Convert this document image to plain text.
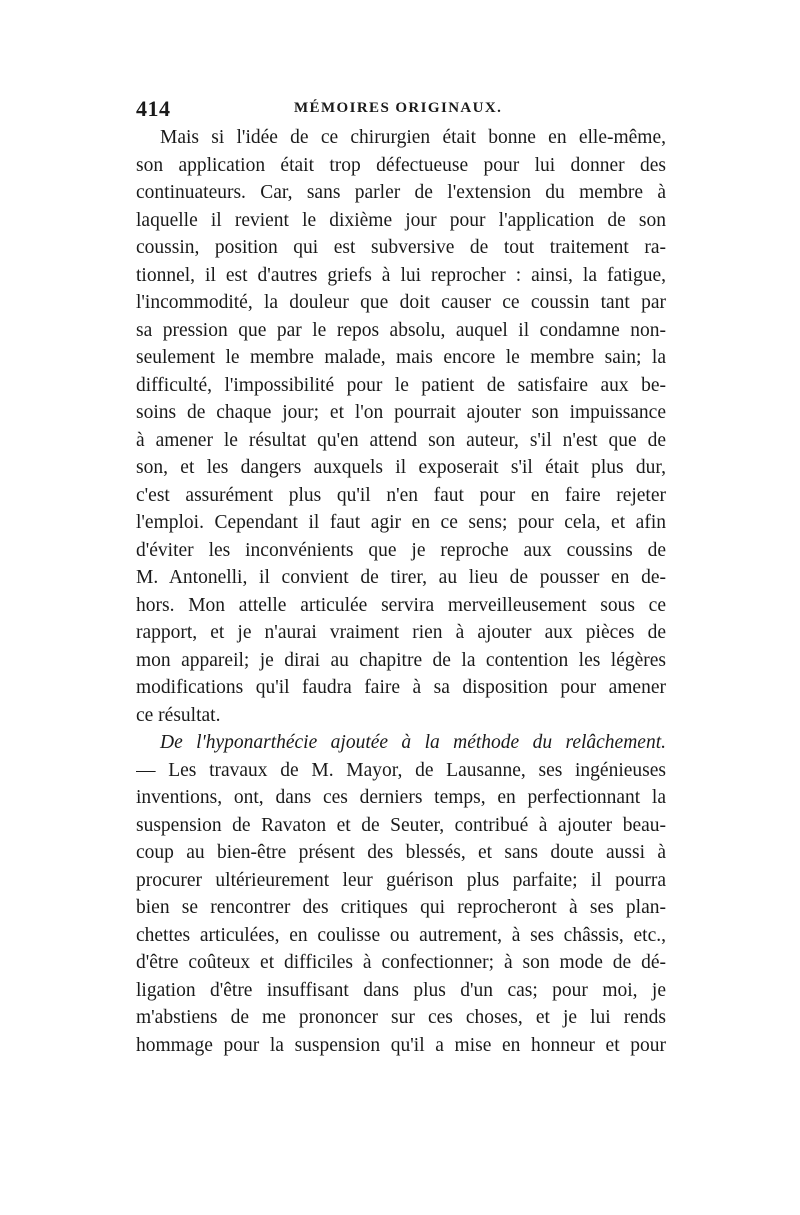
414	MÉMOIRES ORIGINAUX.
Mais si l'idée de ce chirurgien était bonne en elle-même,
son application était trop défectueuse pour lui donner des
continuateurs. Car, sans parler de l'extension du membre à
laquelle il revient le dixième jour pour l'application de son
coussin, position qui est subversive de tout traitement ra-
tionnel, il est d'autres griefs à lui reprocher : ainsi, la fatigue,
l'incommodité, la douleur que doit causer ce coussin tant par
sa pression que par le repos absolu, auquel il condamne non-
seulement le membre malade, mais encore le membre sain; la
difficulté, l'impossibilité pour le patient de satisfaire aux be-
soins de chaque jour; et l'on pourrait ajouter son impuissance
à amener le résultat qu'en attend son auteur, s'il n'est que de
son, et les dangers auxquels il exposerait s'il était plus dur,
c'est assurément plus qu'il n'en faut pour en faire rejeter
l'emploi. Cependant il faut agir en ce sens; pour cela, et afin
d'éviter les inconvénients que je reproche aux coussins de
M. Antonelli, il convient de tirer, au lieu de pousser en de-
hors. Mon attelle articulée servira merveilleusement sous ce
rapport, et je n'aurai vraiment rien à ajouter aux pièces de
mon appareil; je dirai au chapitre de la contention les légères
modifications qu'il faudra faire à sa disposition pour amener
ce résultat.
De l'hyponarthécie ajoutée à la méthode du relâchement.
— Les travaux de M. Mayor, de Lausanne, ses ingénieuses
inventions, ont, dans ces derniers temps, en perfectionnant la
suspension de Ravaton et de Seuter, contribué à ajouter beau-
coup au bien-être présent des blessés, et sans doute aussi à
procurer ultérieurement leur guérison plus parfaite; il pourra
bien se rencontrer des critiques qui reprocheront à ses plan-
chettes articulées, en coulisse ou autrement, à ses châssis, etc.,
d'être coûteux et difficiles à confectionner; à son mode de dé-
ligation d'être insuffisant dans plus d'un cas; pour moi, je
m'abstiens de me prononcer sur ces choses, et je lui rends
hommage pour la suspension qu'il a mise en honneur et pour
